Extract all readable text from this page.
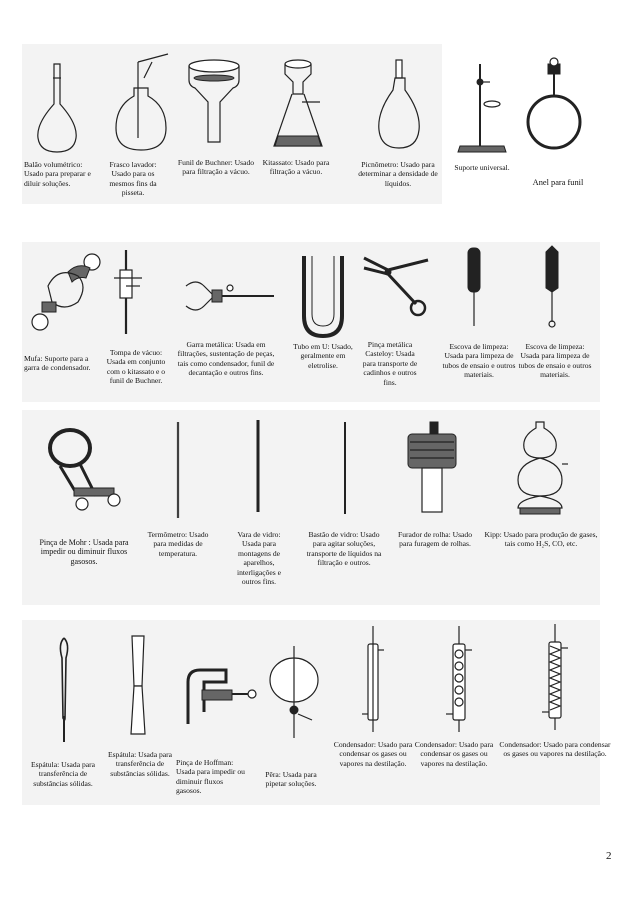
Balão volumétrico: Usado para preparar e diluir soluções.
Frasco lavador: Usado para os mesmos fins da pisseta.
Funil de Buchner: Usado para filtração a vácuo.
Kitassato: Usado para filtração a vácuo.
Picnômetro: Usado para determinar a densidade de líquidos.
Suporte universal.
Anel para funil
Mufa: Suporte para a garra de condensador.
Tompa de vácuo: Usada em conjunto com o kitassato e o funil de Buchner.
Garra metálica: Usada em filtrações, sustentação de peças, tais como condensador, funil de decantação e outros fins.
Tubo em U: Usado, geralmente em eletrolise.
Pinça metálica Casteloy: Usada para transporte de cadinhos e outros fins.
Escova de limpeza: Usada para limpeza de tubos de ensaio e outros materiais.
Escova de limpeza: Usada para limpeza de tubos de ensaio e outros materiais.
Pinça de Mohr : Usada para impedir ou diminuir fluxos gasosos.
Termômetro: Usado para medidas de temperatura.
Vara de vidro: Usada para montagens de aparelhos, interligações e outros fins.
Bastão de vidro: Usado para agitar soluções, transporte de líquidos na filtração e outros.
Furador de rolha: Usado para furagem de rolhas.
Kipp: Usado para produção de gases, tais como H₂S, CO, etc.
Espátula: Usada para transferência de substâncias sólidas.
Espátula: Usada para transferência de substâncias sólidas.
Pinça de Hoffman: Usada para impedir ou diminuir fluxos gasosos.
Pêra: Usada para pipetar soluções.
Condensador: Usado para condensar os gases ou vapores na destilação.
Condensador: Usado para condensar os gases ou vapores na destilação.
Condensador: Usado para condensar os gases ou vapores na destilação.
2
